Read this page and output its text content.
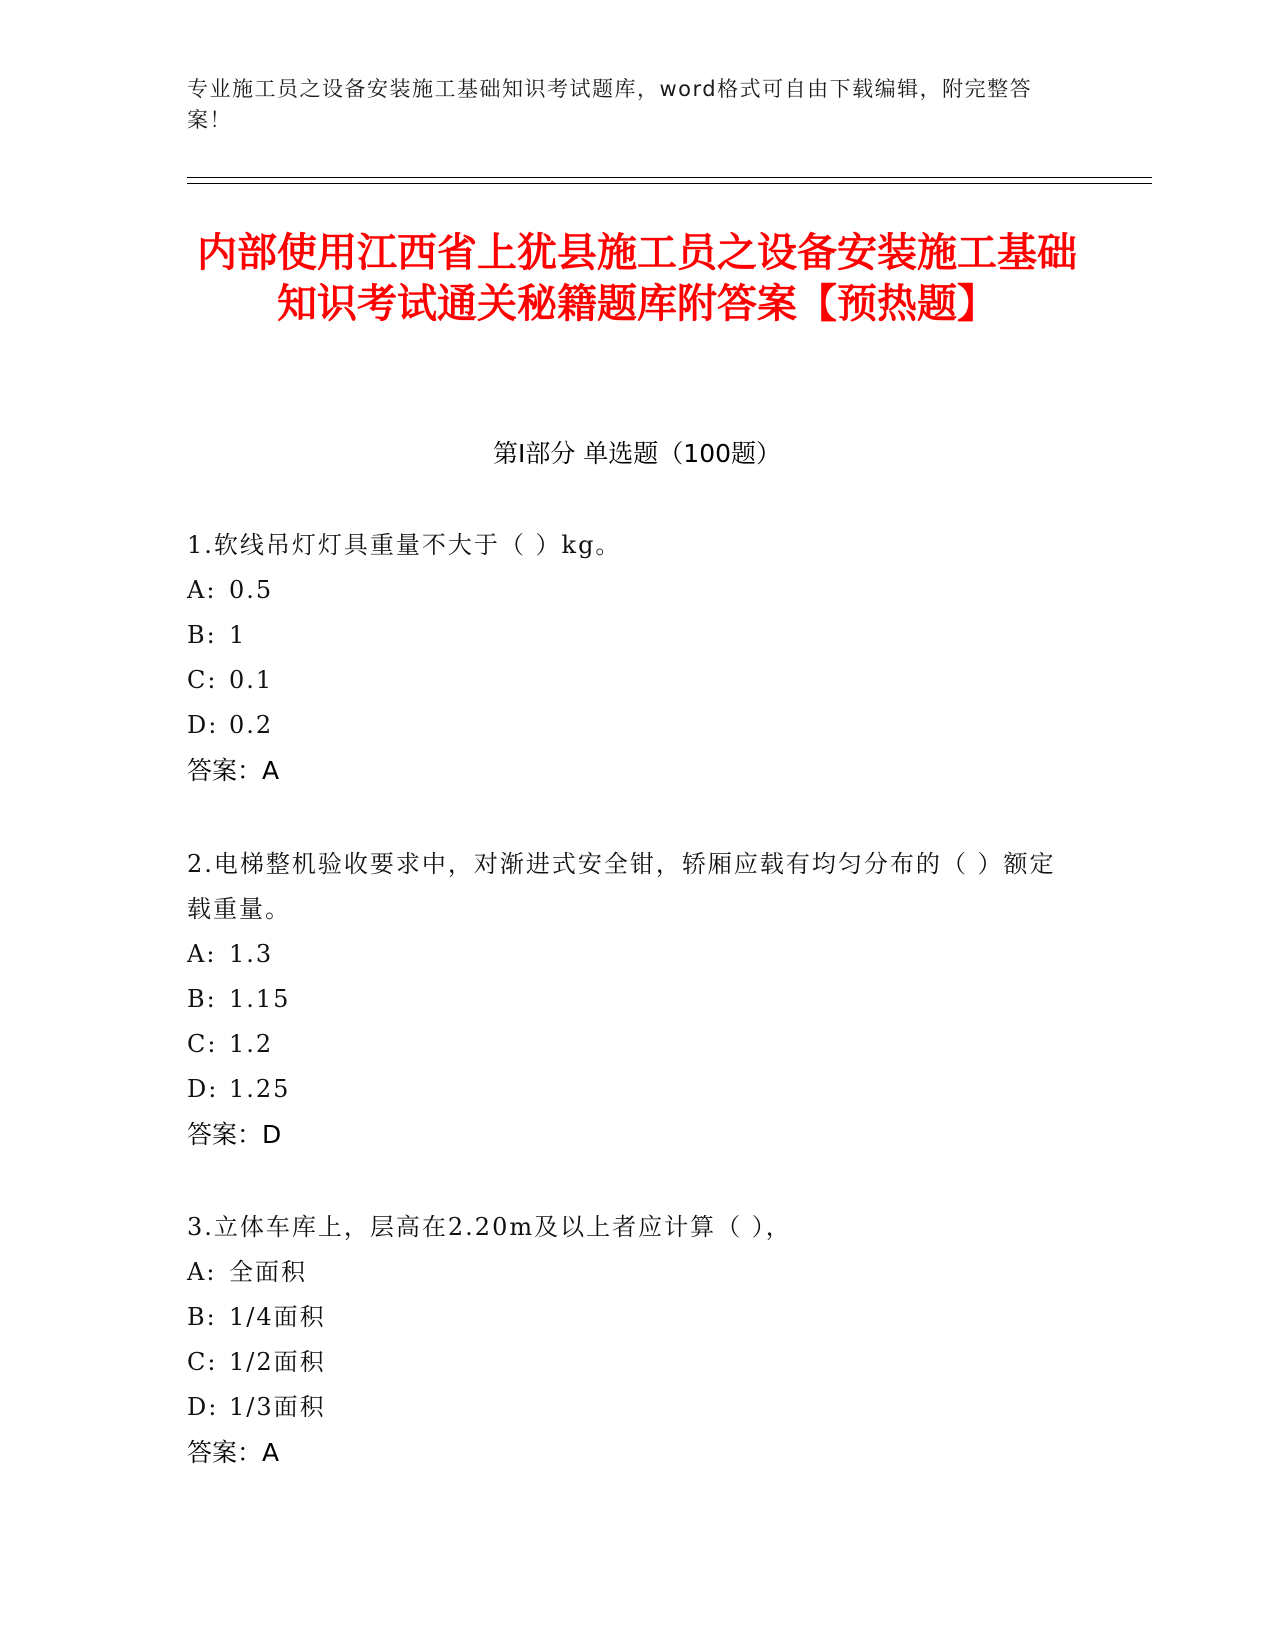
专业施工员之设备安装施工基础知识考试题库，word格式可自由下载编辑，附完整答案！
内部使用江西省上犹县施工员之设备安装施工基础知识考试通关秘籍题库附答案【预热题】
第Ⅰ部分 单选题（100题）
1.软线吊灯灯具重量不大于（ ）kg。
A: 0.5
B: 1
C: 0.1
D: 0.2
答案：A
2.电梯整机验收要求中，对渐进式安全钳，轿厢应载有均匀分布的（ ）额定载重量。
A: 1.3
B: 1.15
C: 1.2
D: 1.25
答案：D
3.立体车库上，层高在2.20m及以上者应计算（ ），
A: 全面积
B: 1/4面积
C: 1/2面积
D: 1/3面积
答案：A
